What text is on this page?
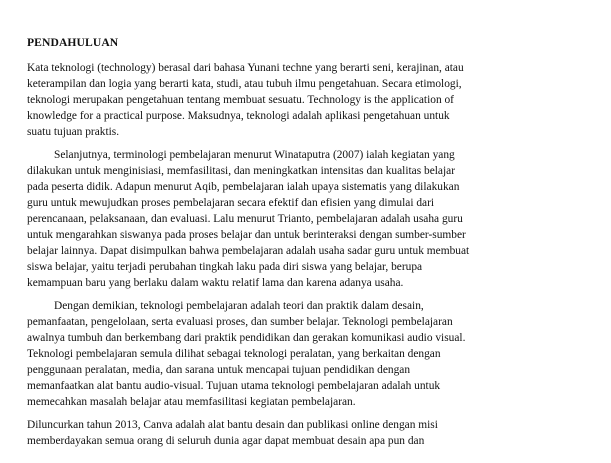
PENDAHULUAN
Kata teknologi (technology) berasal dari bahasa Yunani techne yang berarti seni, kerajinan, atau
keterampilan dan logia yang berarti kata, studi, atau tubuh ilmu pengetahuan. Secara etimologi,
teknologi merupakan pengetahuan tentang membuat sesuatu. Technology is the application of
knowledge for a practical purpose. Maksudnya, teknologi adalah aplikasi pengetahuan untuk
suatu tujuan praktis.
Selanjutnya, terminologi pembelajaran menurut Winataputra (2007) ialah kegiatan yang
dilakukan untuk menginisiasi, memfasilitasi, dan meningkatkan intensitas dan kualitas belajar
pada peserta didik. Adapun menurut Aqib, pembelajaran ialah upaya sistematis yang dilakukan
guru untuk mewujudkan proses pembelajaran secara efektif dan efisien yang dimulai dari
perencanaan, pelaksanaan, dan evaluasi. Lalu menurut Trianto, pembelajaran adalah usaha guru
untuk mengarahkan siswanya pada proses belajar dan untuk berinteraksi dengan sumber-sumber
belajar lainnya. Dapat disimpulkan bahwa pembelajaran adalah usaha sadar guru untuk membuat
siswa belajar, yaitu terjadi perubahan tingkah laku pada diri siswa yang belajar, berupa
kemampuan baru yang berlaku dalam waktu relatif lama dan karena adanya usaha.
Dengan demikian, teknologi pembelajaran adalah teori dan praktik dalam desain,
pemanfaatan, pengelolaan, serta evaluasi proses, dan sumber belajar. Teknologi pembelajaran
awalnya tumbuh dan berkembang dari praktik pendidikan dan gerakan komunikasi audio visual.
Teknologi pembelajaran semula dilihat sebagai teknologi peralatan, yang berkaitan dengan
penggunaan peralatan, media, dan sarana untuk mencapai tujuan pendidikan dengan
memanfaatkan alat bantu audio-visual. Tujuan utama teknologi pembelajaran adalah untuk
memecahkan masalah belajar atau memfasilitasi kegiatan pembelajaran.
Diluncurkan tahun 2013, Canva adalah alat bantu desain dan publikasi online dengan misi
memberdayakan semua orang di seluruh dunia agar dapat membuat desain apa pun dan
